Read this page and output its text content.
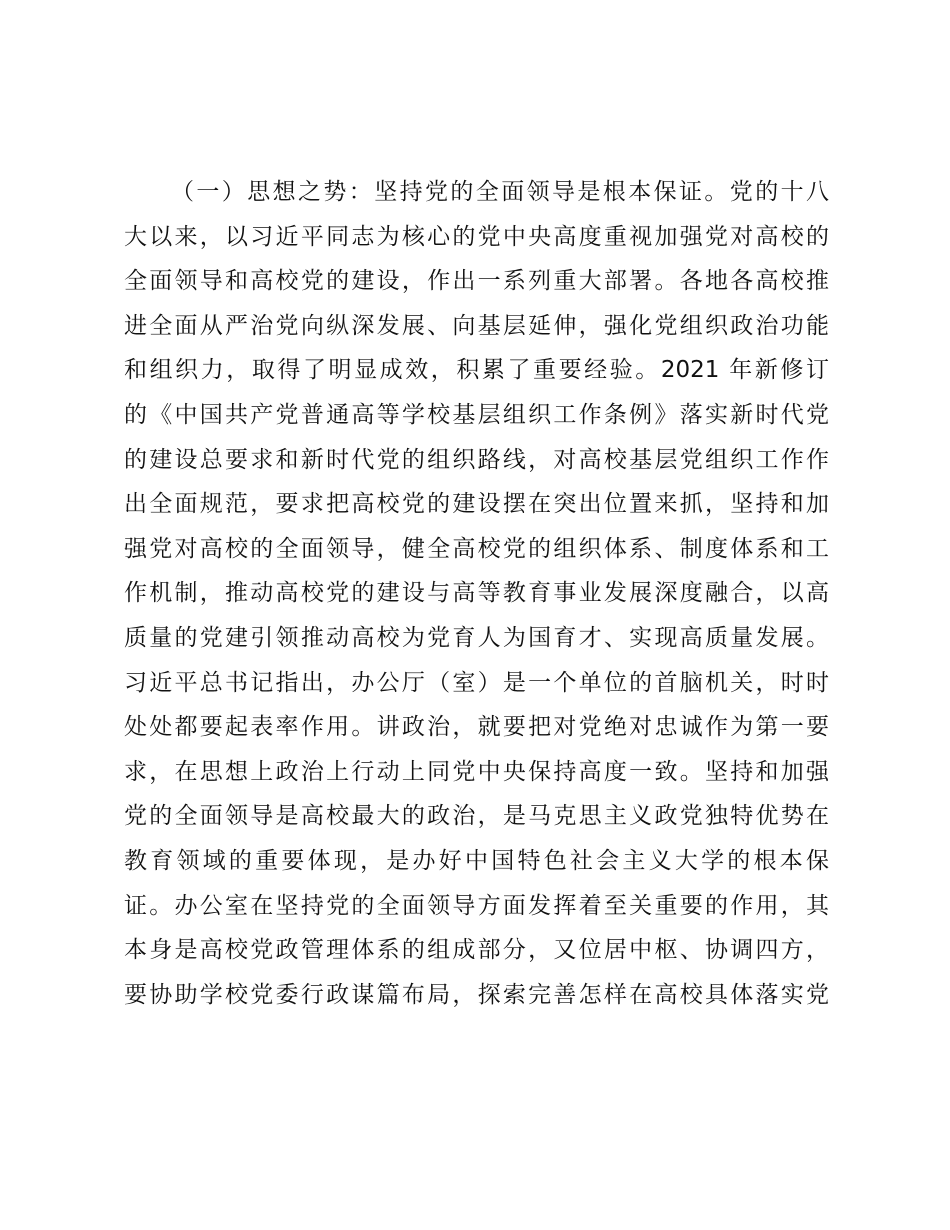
（一）思想之势：坚持党的全面领导是根本保证。党的十八
大以来，以习近平同志为核心的党中央高度重视加强党对高校的
全面领导和高校党的建设，作出一系列重大部署。各地各高校推
进全面从严治党向纵深发展、向基层延伸，强化党组织政治功能
和组织力，取得了明显成效，积累了重要经验。2021 年新修订
的《中国共产党普通高等学校基层组织工作条例》落实新时代党
的建设总要求和新时代党的组织路线，对高校基层党组织工作作
出全面规范，要求把高校党的建设摆在突出位置来抓，坚持和加
强党对高校的全面领导，健全高校党的组织体系、制度体系和工
作机制，推动高校党的建设与高等教育事业发展深度融合，以高
质量的党建引领推动高校为党育人为国育才、实现高质量发展。
习近平总书记指出，办公厅（室）是一个单位的首脑机关，时时
处处都要起表率作用。讲政治，就要把对党绝对忠诚作为第一要
求，在思想上政治上行动上同党中央保持高度一致。坚持和加强
党的全面领导是高校最大的政治，是马克思主义政党独特优势在
教育领域的重要体现，是办好中国特色社会主义大学的根本保
证。办公室在坚持党的全面领导方面发挥着至关重要的作用，其
本身是高校党政管理体系的组成部分，又位居中枢、协调四方，
要协助学校党委行政谋篇布局，探索完善怎样在高校具体落实党
